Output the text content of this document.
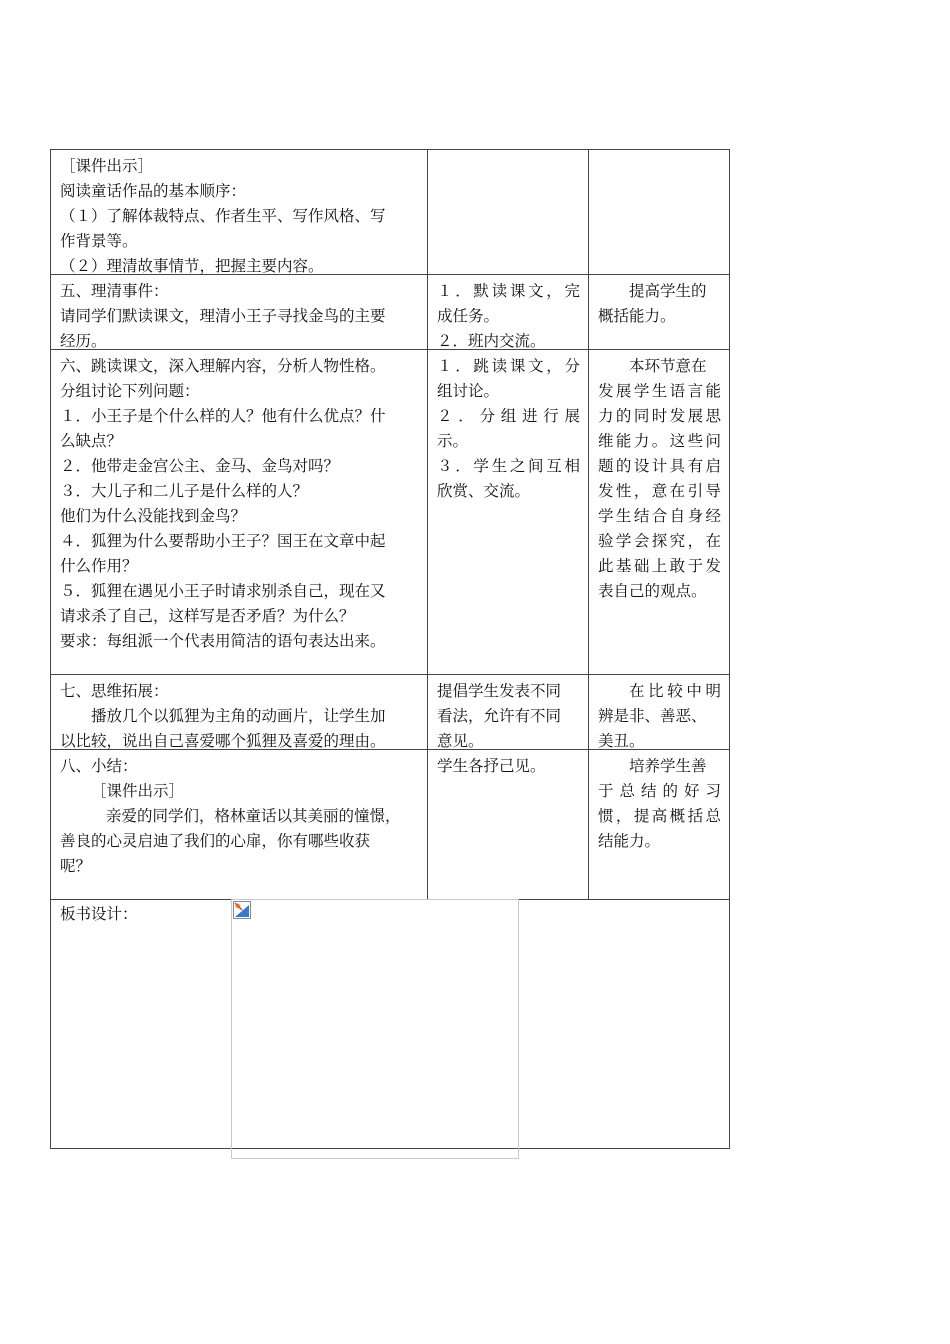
［课件出示］
阅读童话作品的基本顺序：
（１）了解体裁特点、作者生平、写作风格、写
作背景等。
（２）理清故事情节，把握主要内容。
五、理清事件：
请同学们默读课文，理清小王子寻找金鸟的主要
经历。
１．默读课文，完
成任务。
２．班内交流。
提高学生的
概括能力。
六、跳读课文，深入理解内容，分析人物性格。
分组讨论下列问题：
１．小王子是个什么样的人？他有什么优点？什
么缺点？
２．他带走金宫公主、金马、金鸟对吗？
３．大儿子和二儿子是什么样的人？
他们为什么没能找到金鸟？
４．狐狸为什么要帮助小王子？国王在文章中起
什么作用？
５．狐狸在遇见小王子时请求别杀自己，现在又
请求杀了自己，这样写是否矛盾？为什么？
要求：每组派一个代表用简洁的语句表达出来。
１．跳读课文，分
组讨论。
２．分组进行展
示。
３．学生之间互相
欣赏、交流。
本环节意在
发展学生语言能
力的同时发展思
维能力。这些问
题的设计具有启
发性，意在引导
学生结合自身经
验学会探究，在
此基础上敢于发
表自己的观点。
七、思维拓展：
播放几个以狐狸为主角的动画片，让学生加
以比较，说出自己喜爱哪个狐狸及喜爱的理由。
提倡学生发表不同
看法，允许有不同
意见。
在比较中明
辨是非、善恶、
美丑。
八、小结：
［课件出示］
亲爱的同学们，格林童话以其美丽的憧憬，
善良的心灵启迪了我们的心扉，你有哪些收获
呢？
学生各抒己见。	培养学生善
于总结的好习
惯，提高概括总
结能力。
板书设计：
